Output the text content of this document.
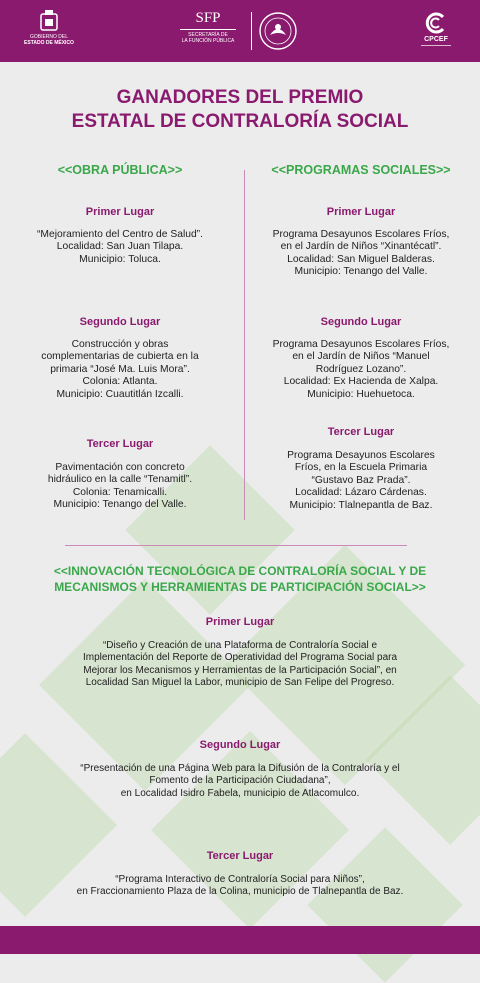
GOBIERNO DEL
ESTADO DE MÉXICO
SFP
SECRETARÍA DE
LA FUNCIÓN PÚBLICA	CPCEF
GANADORES DEL PREMIO
ESTATAL DE CONTRALORÍA SOCIAL
<<OBRA PÚBLICA>>	<<PROGRAMAS SOCIALES>>
Primer Lugar
“Mejoramiento del Centro de Salud”.
Localidad: San Juan Tilapa.
Municipio: Toluca.
Segundo Lugar
Construcción y obras
complementarias de cubierta en la
primaria “José Ma. Luis Mora”.
Colonia: Atlanta.
Municipio: Cuautitlán Izcalli.
Tercer Lugar
Pavimentación con concreto
hidráulico en la calle “Tenamitl”.
Colonia: Tenamicalli.
Municipio: Tenango del Valle.
Primer Lugar
Programa Desayunos Escolares Fríos,
en el Jardín de Niños “Xinantécatl”.
Localidad: San Miguel Balderas.
Municipio: Tenango del Valle.
Segundo Lugar
Programa Desayunos Escolares Fríos,
en el Jardín de Niños “Manuel
Rodríguez Lozano”.
Localidad: Ex Hacienda de Xalpa.
Municipio: Huehuetoca.
Tercer Lugar
Programa Desayunos Escolares
Fríos, en la Escuela Primaria
“Gustavo Baz Prada”.
Localidad: Lázaro Cárdenas.
Municipio: Tlalnepantla de Baz.
<<INNOVACIÓN TECNOLÓGICA DE CONTRALORÍA SOCIAL Y DE
MECANISMOS Y HERRAMIENTAS DE PARTICIPACIÓN SOCIAL>>
Primer Lugar
“Diseño y Creación de una Plataforma de Contraloría Social e
Implementación del Reporte de Operatividad del Programa Social para
Mejorar los Mecanismos y Herramientas de la Participación Social”, en
Localidad San Miguel la Labor, municipio de San Felipe del Progreso.
Segundo Lugar
“Presentación de una Página Web para la Difusión de la Contraloría y el
Fomento de la Participación Ciudadana”,
en Localidad Isidro Fabela, municipio de Atlacomulco.
Tercer Lugar
“Programa Interactivo de Contraloría Social para Niños”,
en Fraccionamiento Plaza de la Colina, municipio de Tlalnepantla de Baz.
